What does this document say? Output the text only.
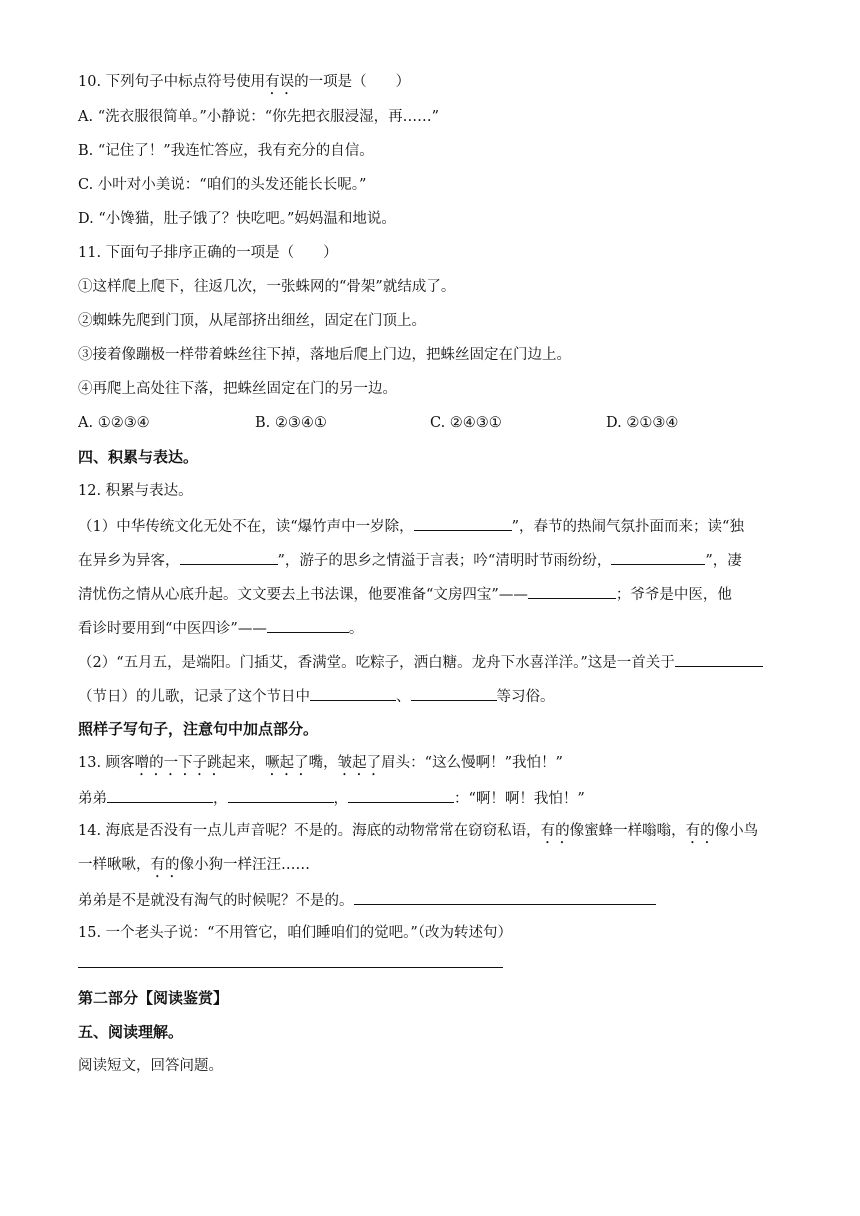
10. 下列句子中标点符号使用有误的一项是（　　）
A. “洗衣服很简单。”小静说：“你先把衣服浸湿，再……”
B. “记住了！”我连忙答应，我有充分的自信。
C. 小叶对小美说：“咱们的头发还能长长呢。”
D. “小馋猫，肚子饿了？快吃吧。”妈妈温和地说。
11. 下面句子排序正确的一项是（　　）
①这样爬上爬下，往返几次，一张蛛网的“骨架”就结成了。
②蜘蛛先爬到门顶，从尾部挤出细丝，固定在门顶上。
③接着像蹦极一样带着蛛丝往下掉，落地后爬上门边，把蛛丝固定在门边上。
④再爬上高处往下落，把蛛丝固定在门的另一边。
A. ①②③④	B. ②③④①	C. ②④③①	D. ②①③④
四、积累与表达。
12. 积累与表达。
（1）中华传统文化无处不在，读“爆竹声中一岁除，	”，春节的热闹气氛扑面而来；读“独
在异乡为异客，	”，游子的思乡之情溢于言表；吟“清明时节雨纷纷，	”，凄
清忧伤之情从心底升起。文文要去上书法课，他要准备“文房四宝”——	；爷爷是中医，他
看诊时要用到“中医四诊”——	。
（2）“五月五，是端阳。门插艾，香满堂。吃粽子，洒白糖。龙舟下水喜洋洋。”这是一首关于
（节日）的儿歌，记录了这个节日中	、	等习俗。
照样子写句子，注意句中加点部分。
13. 顾客噌的一下子跳起来，噘起了嘴，皱起了眉头：“这么慢啊！”我怕！”
弟弟	，	，	：“啊！啊！我怕！”
14. 海底是否没有一点儿声音呢？不是的。海底的动物常常在窃窃私语，有的像蜜蜂一样嗡嗡，有的像小鸟
一样啾啾，有的像小狗一样汪汪……
弟弟是不是就没有淘气的时候呢？不是的。
15. 一个老头子说：“不用管它，咱们睡咱们的觉吧。”（改为转述句）
第二部分【阅读鉴赏】
五、阅读理解。
阅读短文，回答问题。
